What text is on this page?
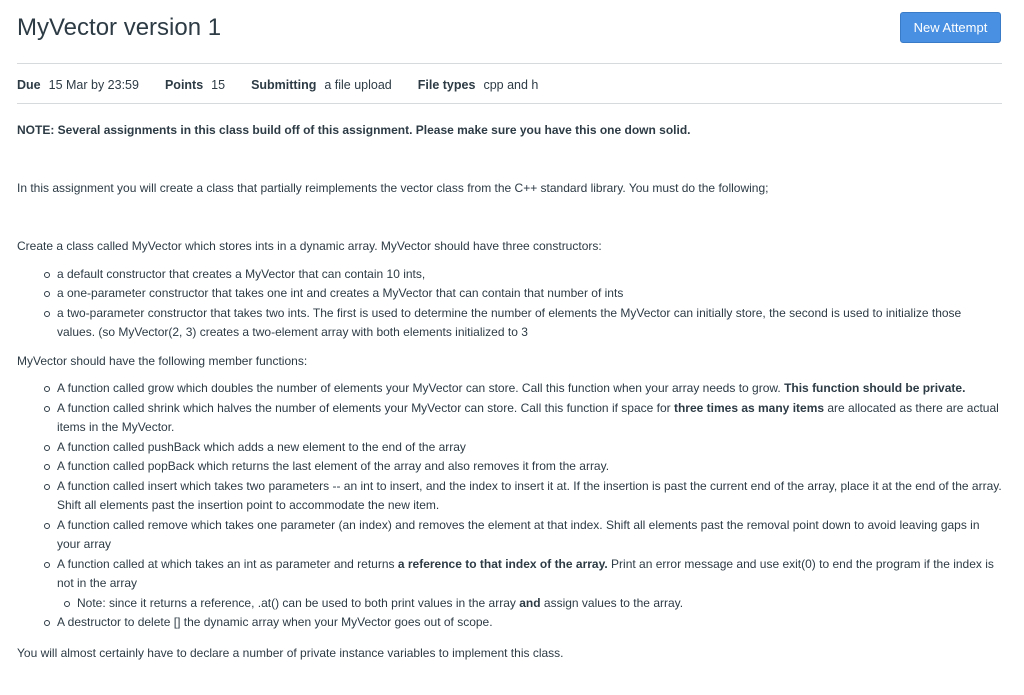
MyVector version 1	New Attempt
Due 15 Mar by 23:59 Points 15 Submitting a file upload File types cpp and h

NOTE: Several assignments in this class build off of this assignment. Please make sure you have this one down solid.

In this assignment you will create a class that partially reimplements the vector class from the C++ standard library. You must do the following;

Create a class called MyVector which stores ints in a dynamic array. MyVector should have three constructors:

a default constructor that creates a MyVector that can contain 10 ints,
a one-parameter constructor that takes one int and creates a MyVector that can contain that number of ints
a two-parameter constructor that takes two ints. The first is used to determine the number of elements the MyVector can initially store, the second is used to initialize those values. (so MyVector(2, 3) creates a two-element array with both elements initialized to 3

MyVector should have the following member functions:

A function called grow which doubles the number of elements your MyVector can store. Call this function when your array needs to grow. This function should be private.
A function called shrink which halves the number of elements your MyVector can store. Call this function if space for three times as many items are allocated as there are actual items in the MyVector.
A function called pushBack which adds a new element to the end of the array
A function called popBack which returns the last element of the array and also removes it from the array.
A function called insert which takes two parameters -- an int to insert, and the index to insert it at. If the insertion is past the current end of the array, place it at the end of the array. Shift all elements past the insertion point to accommodate the new item.
A function called remove which takes one parameter (an index) and removes the element at that index. Shift all elements past the removal point down to avoid leaving gaps in your array
A function called at which takes an int as parameter and returns a reference to that index of the array. Print an error message and use exit(0) to end the program if the index is not in the array
Note: since it returns a reference, .at() can be used to both print values in the array and assign values to the array.
A destructor to delete [] the dynamic array when your MyVector goes out of scope.

You will almost certainly have to declare a number of private instance variables to implement this class.
